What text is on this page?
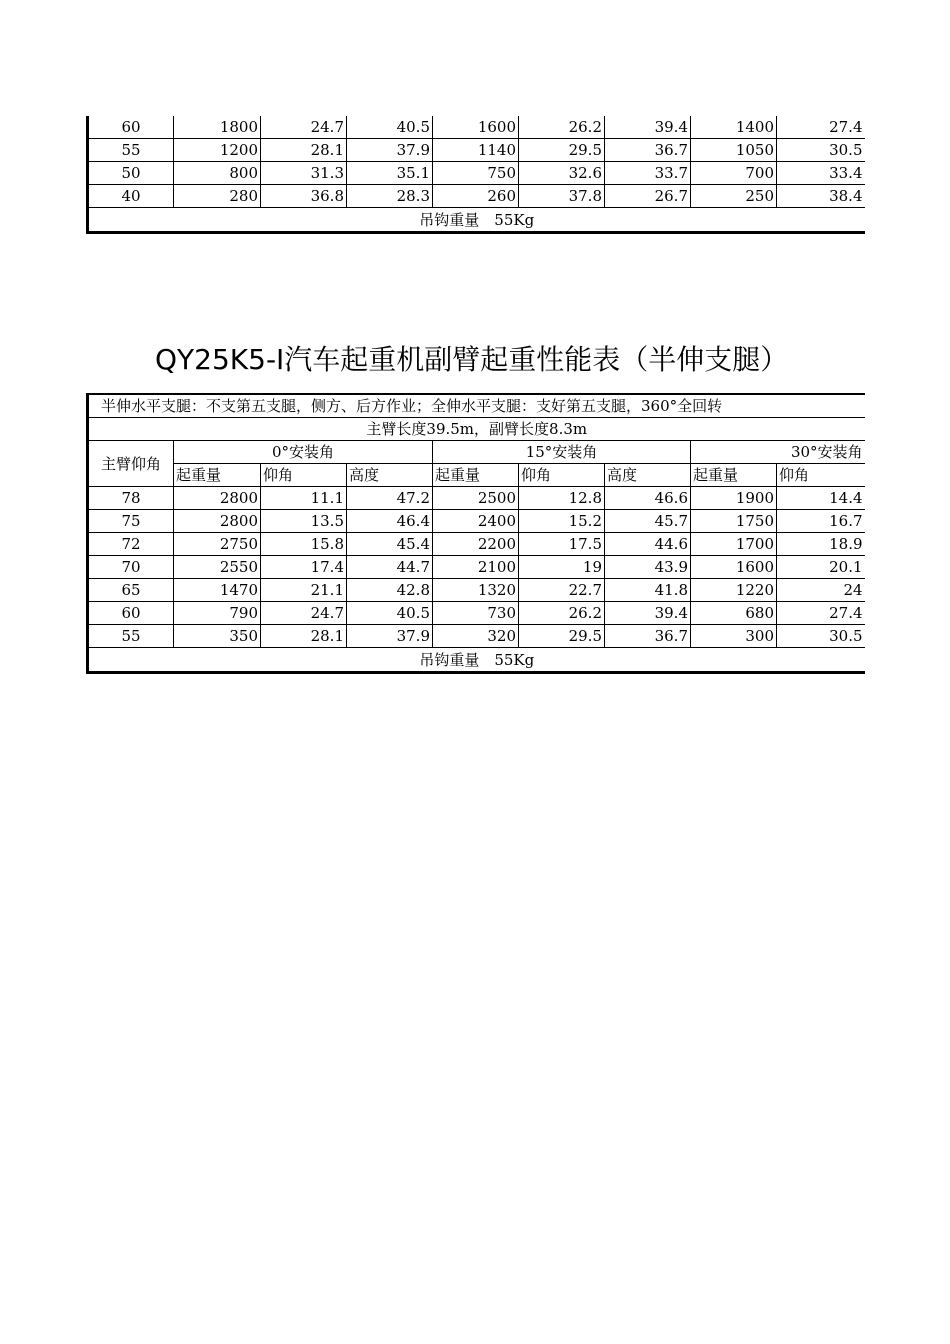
60	1800	24.7	40.5	1600	26.2	39.4	1400	27.4
55	1200	28.1	37.9	1140	29.5	36.7	1050	30.5
50	800	31.3	35.1	750	32.6	33.7	700	33.4
40	280	36.8	28.3	260	37.8	26.7	250	38.4
吊钩重量　55Kg								
QY25K5-Ⅰ汽车起重机副臂起重性能表（半伸支腿）
半伸水平支腿：不支第五支腿，侧方、后方作业；全伸水平支腿：支好第五支腿，360°全回转								
主臂长度39.5m，副臂长度8.3m								
主臂仰角	0°安装角			15°安装角			30°安装角	
	起重量	仰角	高度	起重量	仰角	高度	起重量	仰角
78	2800	11.1	47.2	2500	12.8	46.6	1900	14.4
75	2800	13.5	46.4	2400	15.2	45.7	1750	16.7
72	2750	15.8	45.4	2200	17.5	44.6	1700	18.9
70	2550	17.4	44.7	2100	19	43.9	1600	20.1
65	1470	21.1	42.8	1320	22.7	41.8	1220	24
60	790	24.7	40.5	730	26.2	39.4	680	27.4
55	350	28.1	37.9	320	29.5	36.7	300	30.5
吊钩重量　55Kg								
